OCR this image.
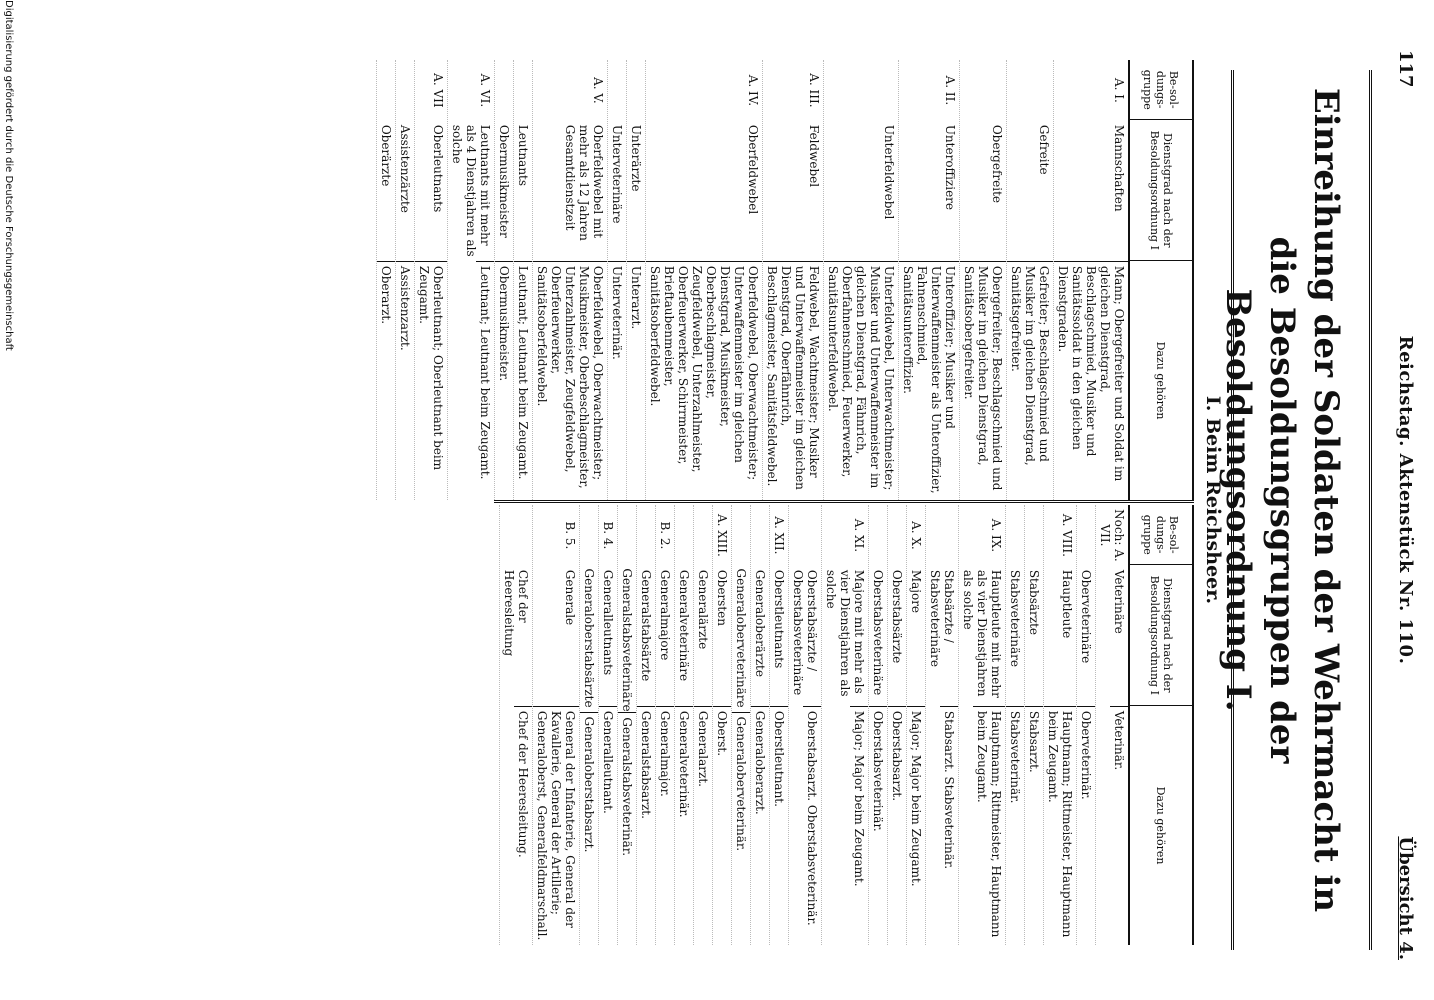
117
Reichstag. Aktenstück Nr. 110.
Übersicht 4.
Einreihung der Soldaten der Wehrmacht in die Besoldungsgruppen der Besoldungsordnung I.
I. Beim Reichsheer.
Be-sol-dungs-gruppe
Dienstgrad nach der Besoldungsordnung I
Dazu gehören
A. I.
Mannschaften
Mann; Obergefreiter und Soldat im gleichen Dienstgrad, Beschlagschmied, Musiker und Sanitätssoldat in den gleichen Dienstgraden.
Gefreite
Gefreiter; Beschlagschmied und Musiker im gleichen Dienstgrad, Sanitätsgefreiter.
Obergefreite
Obergefreiter; Beschlagschmied und Musiker im gleichen Dienstgrad, Sanitätsobergefreiter.
A. II.
Unteroffiziere
Unteroffizier; Musiker und Unterwaffenmeister als Unteroffizier, Fahnenschmied, Sanitätsunteroffizier.
Unterfeldwebel
Unterfeldwebel, Unterwachtmeister; Musiker und Unterwaffenmeister im gleichen Dienstgrad, Fähnrich, Oberfahnenschmied, Feuerwerker, Sanitätsunterfeldwebel.
A. III.
Feldwebel
Feldwebel, Wachtmeister; Musiker und Unterwaffenmeister im gleichen Dienstgrad, Oberfähnrich, Beschlagmeister, Sanitätsfeldwebel.
A. IV.
Oberfeldwebel
Oberfeldwebel, Oberwachtmeister; Unterwaffenmeister im gleichen Dienstgrad, Musikmeister, Oberbeschlagmeister, Zeugfeldwebel, Unterzahlmeister, Oberfeuerwerker, Schirrmeister, Brieftaubenmeister, Sanitätsoberfeldwebel.
Unterärzte
Unterarzt.
Unterveterinäre
Unterveterinär.
A. V.
Oberfeldwebel mit mehr als 12 Jahren Gesamtdienstzeit
Oberfeldwebel, Oberwachtmeister; Musikmeister, Oberbeschlagmeister, Unterzahlmeister, Zeugfeldwebel, Oberfeuerwerker, Sanitätsoberfeldwebel.
Leutnants
Leutnant; Leutnant beim Zeugamt.
Obermusikmeister
Obermusikmeister.
A. VI.
Leutnants mit mehr als 4 Dienstjahren als solche
Leutnant; Leutnant beim Zeugamt.
A. VII
Oberleutnants
Oberleutnant; Oberleutnant beim Zeugamt.
Assistenzärzte
Assistenzarzt.
Oberärzte
Oberarzt.
Be-sol-dungs-gruppe
Dienstgrad nach der Besoldungsordnung I
Dazu gehören
Noch: A. VII.
Veterinäre
Veterinär.
Oberveterinäre
Oberveterinär.
A. VIII.
Hauptleute
Hauptmann; Rittmeister, Hauptmann beim Zeugamt.
Stabsärzte
Stabsarzt.
Stabsveterinäre
Stabsveterinär.
A. IX.
Hauptleute mit mehr als vier Dienstjahren als solche
Hauptmann; Rittmeister, Hauptmann beim Zeugamt.
Stabsärzte / Stabsveterinäre
Stabsarzt. Stabsveterinär.
A. X.
Majore
Major; Major beim Zeugamt.
Oberstabsärzte
Oberstabsarzt.
Oberstabsveterinäre
Oberstabsveterinär.
A. XI.
Majore mit mehr als vier Dienstjahren als solche
Major; Major beim Zeugamt.
Oberstabsärzte / Oberstabsveterinäre
Oberstabsarzt. Oberstabsveterinär.
A. XII.
Oberstleutnants
Oberstleutnant.
Generaloberärzte
Generaloberarzt.
Generaloberveterinäre
Generaloberveterinär.
A. XIII.
Obersten
Oberst.
Generalärzte
Generalarzt.
Generalveterinäre
Generalveterinär.
B. 2.
Generalmajore
Generalmajor.
Generalstabsärzte
Generalstabsarzt.
Generalstabsveterinäre
Generalstabsveterinär.
B. 4.
Generalleutnants
Generalleutnant.
Generaloberstabsärzte
Generaloberstabsarzt.
B. 5.
Generale
General der Infanterie, General der Kavallerie, General der Artillerie; Generaloberst, Generalfeldmarschall.
Chef der Heeresleitung
Chef der Heeresleitung.
Digitalisierung gefördert durch die Deutsche Forschungsgemeinschaft
